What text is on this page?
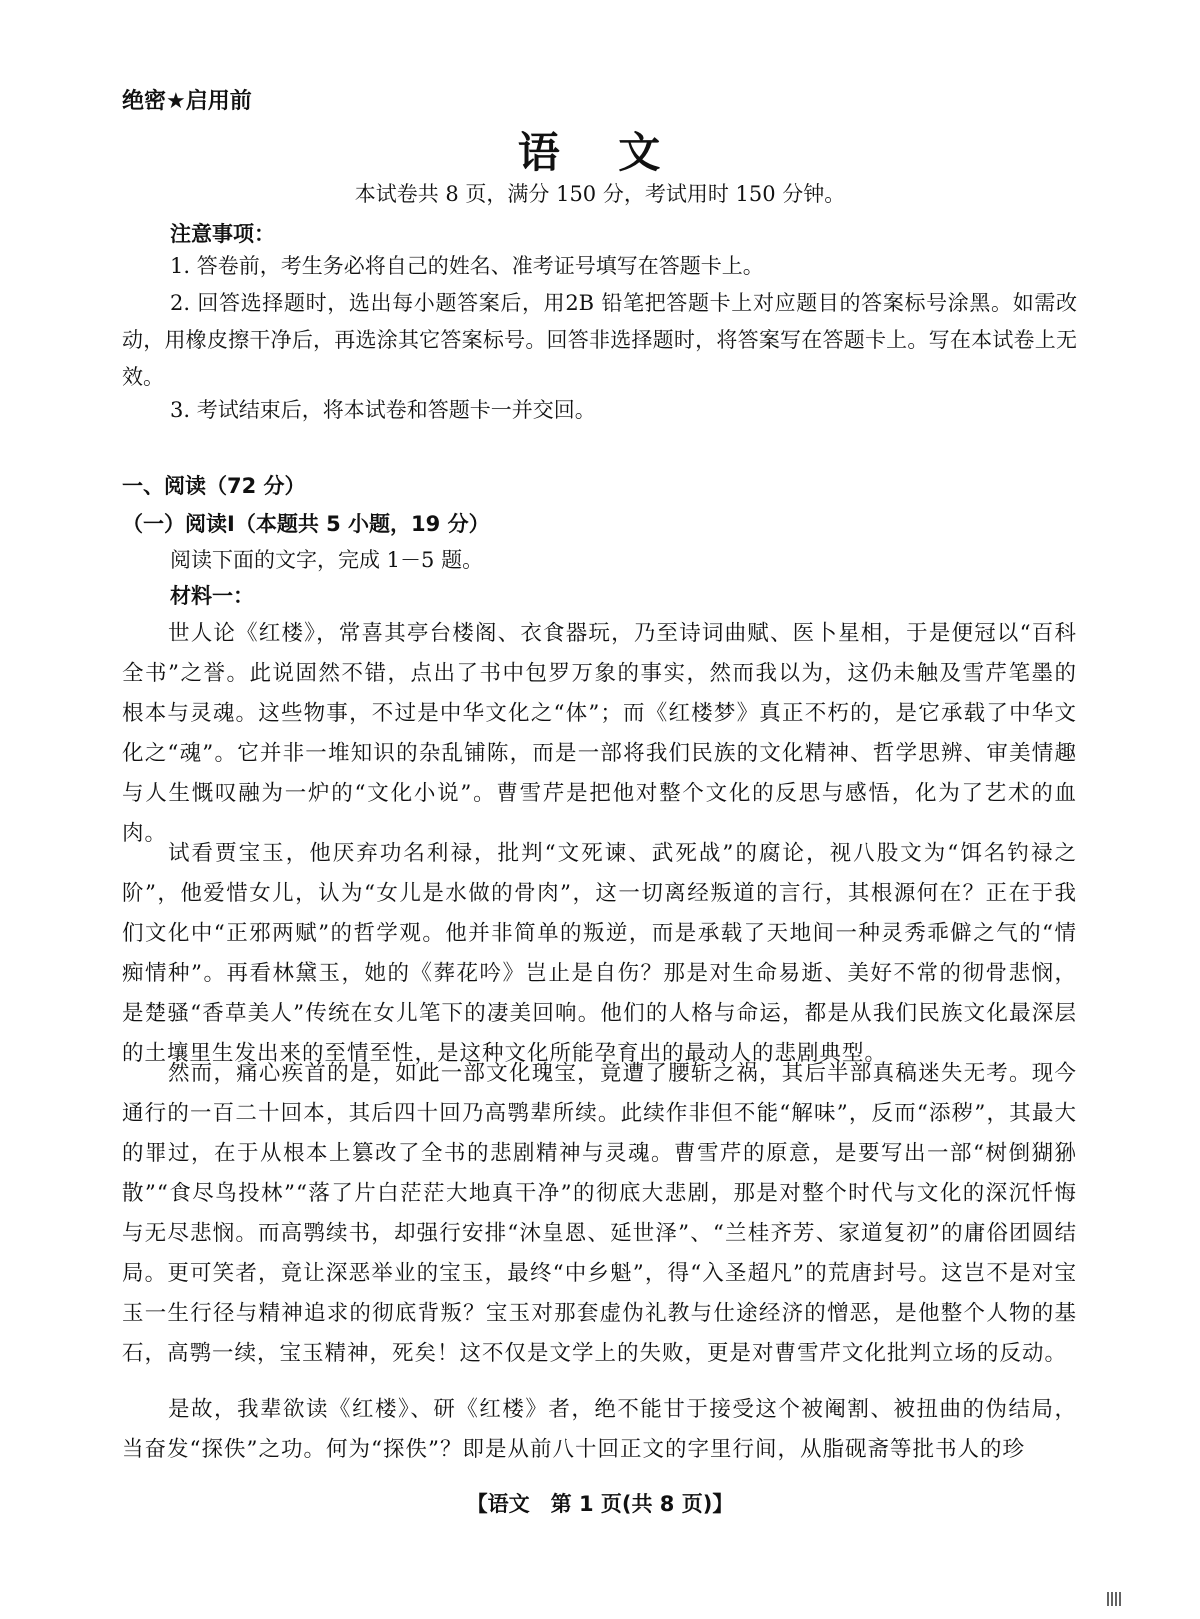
绝密★启用前
语 文
本试卷共 8 页，满分 150 分，考试用时 150 分钟。
注意事项：
1. 答卷前，考生务必将自己的姓名、准考证号填写在答题卡上。
2. 回答选择题时，选出每小题答案后，用2B 铅笔把答题卡上对应题目的答案标号涂黑。如需改动，用橡皮擦干净后，再选涂其它答案标号。回答非选择题时，将答案写在答题卡上。写在本试卷上无效。
3. 考试结束后，将本试卷和答题卡一并交回。
一、阅读（72 分）
（一）阅读Ⅰ（本题共 5 小题，19 分）
阅读下面的文字，完成 1－5 题。
材料一：
世人论《红楼》，常喜其亭台楼阁、衣食器玩，乃至诗词曲赋、医卜星相，于是便冠以“百科全书”之誉。此说固然不错，点出了书中包罗万象的事实，然而我以为，这仍未触及雪芹笔墨的根本与灵魂。这些物事，不过是中华文化之“体”；而《红楼梦》真正不朽的，是它承载了中华文化之“魂”。它并非一堆知识的杂乱铺陈，而是一部将我们民族的文化精神、哲学思辨、审美情趣与人生慨叹融为一炉的“文化小说”。曹雪芹是把他对整个文化的反思与感悟，化为了艺术的血肉。
试看贾宝玉，他厌弃功名利禄，批判“文死谏、武死战”的腐论，视八股文为“饵名钓禄之阶”，他爱惜女儿，认为“女儿是水做的骨肉”，这一切离经叛道的言行，其根源何在？正在于我们文化中“正邪两赋”的哲学观。他并非简单的叛逆，而是承载了天地间一种灵秀乖僻之气的“情痴情种”。再看林黛玉，她的《葬花吟》岂止是自伤？那是对生命易逝、美好不常的彻骨悲悯，是楚骚“香草美人”传统在女儿笔下的凄美回响。他们的人格与命运，都是从我们民族文化最深层的土壤里生发出来的至情至性，是这种文化所能孕育出的最动人的悲剧典型。
然而，痛心疾首的是，如此一部文化瑰宝，竟遭了腰斩之祸，其后半部真稿迷失无考。现今通行的一百二十回本，其后四十回乃高鹗辈所续。此续作非但不能“解味”，反而“添秽”，其最大的罪过，在于从根本上篡改了全书的悲剧精神与灵魂。曹雪芹的原意，是要写出一部“树倒猢狲散”“食尽鸟投林”“落了片白茫茫大地真干净”的彻底大悲剧，那是对整个时代与文化的深沉忏悔与无尽悲悯。而高鹗续书，却强行安排“沐皇恩、延世泽”、“兰桂齐芳、家道复初”的庸俗团圆结局。更可笑者，竟让深恶举业的宝玉，最终“中乡魁”，得“入圣超凡”的荒唐封号。这岂不是对宝玉一生行径与精神追求的彻底背叛？宝玉对那套虚伪礼教与仕途经济的憎恶，是他整个人物的基石，高鹗一续，宝玉精神，死矣！这不仅是文学上的失败，更是对曹雪芹文化批判立场的反动。
是故，我辈欲读《红楼》、研《红楼》者，绝不能甘于接受这个被阉割、被扭曲的伪结局，当奋发“探佚”之功。何为“探佚”？即是从前八十回正文的字里行间，从脂砚斋等批书人的珍
【语文　第 1 页(共 8 页)】
